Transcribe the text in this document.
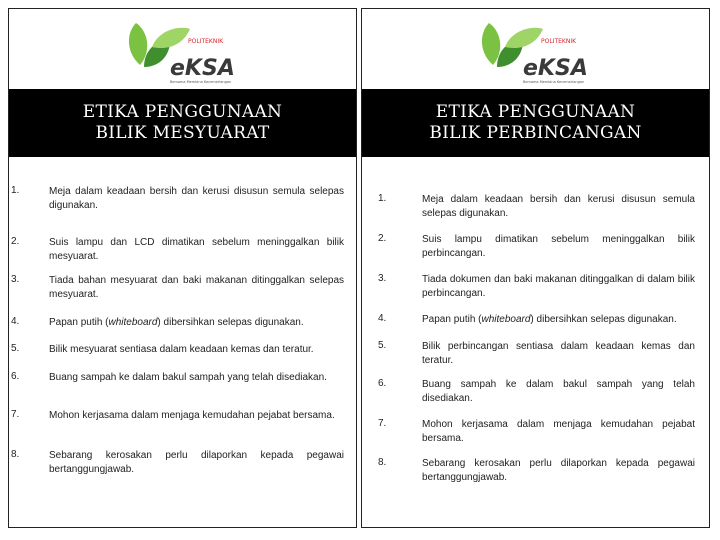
POLITEKNIK
eKSA
Bersama Membina Kecemerlangan
ETIKA PENGGUNAAN BILIK MESYUARAT
1.	Meja dalam keadaan bersih dan kerusi disusun semula selepas digunakan.
2.	Suis lampu dan LCD dimatikan sebelum meninggalkan bilik mesyuarat.
3.	Tiada bahan mesyuarat dan baki makanan ditinggalkan selepas mesyuarat.
4.	Papan putih (whiteboard) dibersihkan selepas digunakan.
5.	Bilik mesyuarat sentiasa dalam keadaan kemas dan teratur.
6.	Buang sampah ke dalam bakul sampah yang telah disediakan.
7.	Mohon kerjasama dalam menjaga kemudahan pejabat bersama.
8.	Sebarang kerosakan perlu dilaporkan kepada pegawai bertanggungjawab.
POLITEKNIK
eKSA
Bersama Membina Kecemerlangan
ETIKA PENGGUNAAN BILIK PERBINCANGAN
1.	Meja dalam keadaan bersih dan kerusi disusun semula selepas digunakan.
2.	Suis lampu dimatikan sebelum meninggalkan bilik perbincangan.
3.	Tiada dokumen dan baki makanan ditinggalkan di dalam bilik perbincangan.
4.	Papan putih (whiteboard) dibersihkan selepas digunakan.
5.	Bilik perbincangan sentiasa dalam keadaan kemas dan teratur.
6.	Buang sampah ke dalam bakul sampah yang telah disediakan.
7.	Mohon kerjasama dalam menjaga kemudahan pejabat bersama.
8.	Sebarang kerosakan perlu dilaporkan kepada pegawai bertanggungjawab.
